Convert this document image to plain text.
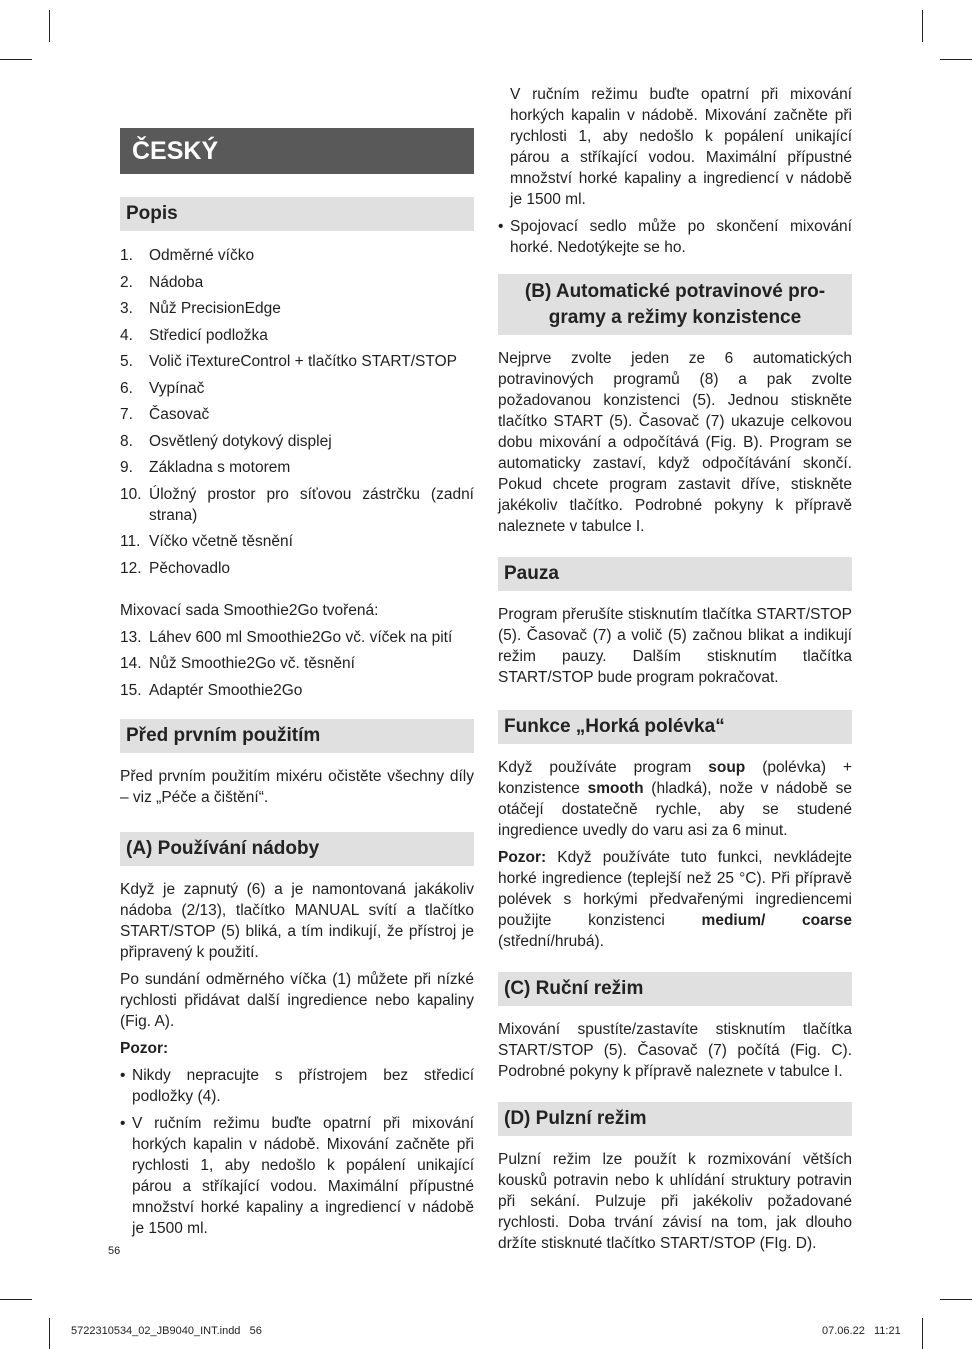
ČESKÝ
Popis
1.	Odměrné víčko
2.	Nádoba
3.	Nůž PrecisionEdge
4.	Středicí podložka
5.	Volič iTextureControl + tlačítko START/STOP
6.	Vypínač
7.	Časovač
8.	Osvětlený dotykový displej
9.	Základna s motorem
10. Úložný prostor pro síťovou zástrčku (zadní strana)
11. Víčko včetně těsnění
12. Pěchovadlo

Mixovací sada Smoothie2Go tvořená:

13. Láhev 600 ml Smoothie2Go vč. víček na pití
14. Nůž Smoothie2Go vč. těsnění
15. Adaptér Smoothie2Go
Před prvním použitím

Před prvním použitím mixéru očistěte všechny díly – viz „Péče a čištění“.

(A) Používání nádoby

Když je zapnutý (6) a je namontovaná jakákoliv nádoba (2/13), tlačítko MANUAL svítí a tlačítko START/STOP (5) bliká, a tím indikují, že přístroj je připravený k použití.

Po sundání odměrného víčka (1) můžete při nízké rychlosti přidávat další ingredience nebo kapaliny (Fig. A).

Pozor:

• Nikdy nepracujte s přístrojem bez středicí podložky (4).
• V ručním režimu buďte opatrní při mixování horkých kapalin v nádobě. Mixování začněte při rychlosti 1, aby nedošlo k popálení unikající párou a stříkající vodou. Maximální přípustné množství horké kapaliny a ingrediencí v nádobě je 1500 ml.
V ručním režimu buďte opatrní při mixování horkých kapalin v nádobě. Mixování začněte při rychlosti 1, aby nedošlo k popálení unikající párou a stříkající vodou. Maximální přípustné množství horké kapaliny a ingrediencí v nádobě je 1500 ml.
• Spojovací sedlo může po skončení mixování horké. Nedotýkejte se ho.
(B) Automatické potravinové pro-
gramy a režimy konzistence

Nejprve zvolte jeden ze 6 automatických potravinových programů (8) a pak zvolte požadovanou konzistenci (5). Jednou stiskněte tlačítko START (5). Časovač (7) ukazuje celkovou dobu mixování a odpočítává (Fig. B). Program se automaticky zastaví, když odpočítávání skončí. Pokud chcete program zastavit dříve, stiskněte jakékoliv tlačítko. Podrobné pokyny k přípravě naleznete v tabulce I.

Pauza

Program přerušíte stisknutím tlačítka START/STOP (5). Časovač (7) a volič (5) začnou blikat a indikují režim pauzy. Dalším stisknutím tlačítka START/STOP bude program pokračovat.

Funkce „Horká polévka“

Když používáte program soup (polévka) + konzistence smooth (hladká), nože v nádobě se otáčejí dostatečně rychle, aby se studené ingredience uvedly do varu asi za 6 minut.

Pozor: Když používáte tuto funkci, nevkládejte horké ingredience (teplejší než 25 °C). Při přípravě polévek s horkými předvařenými ingrediencemi použijte konzistenci medium/ coarse (střední/hrubá).

(C) Ruční režim

Mixování spustíte/zastavíte stisknutím tlačítka START/STOP (5). Časovač (7) počítá (Fig. C). Podrobné pokyny k přípravě naleznete v tabulce I.

(D) Pulzní režim

Pulzní režim lze použít k rozmixování větších kousků potravin nebo k uhlídání struktury potravin při sekání. Pulzuje při jakékoliv požadované rychlosti. Doba trvání závisí na tom, jak dlouho držíte stisknuté tlačítko START/STOP (FIg. D).

56
5722310534_02_JB9040_INT.indd   56	07.06.22   11:21
